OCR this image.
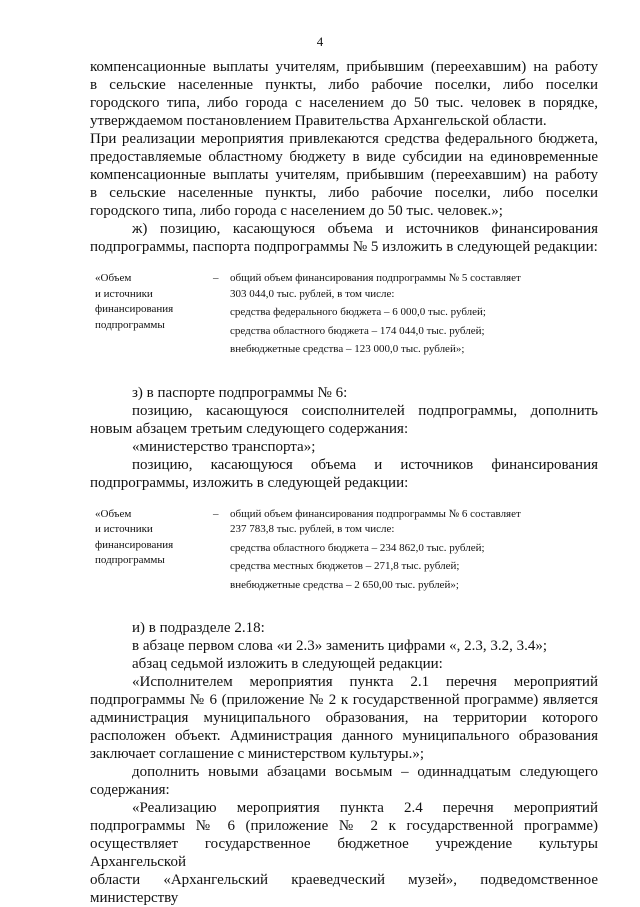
4

компенсационные выплаты учителям, прибывшим (переехавшим) на работу

в сельские населенные пункты, либо рабочие поселки, либо поселки

городского типа, либо города с населением до 50 тыс. человек в порядке,

утверждаемом постановлением Правительства Архангельской области.

При реализации мероприятия привлекаются средства федерального бюджета,

предоставляемые областному бюджету в виде субсидии на единовременные

компенсационные выплаты учителям, прибывшим (переехавшим) на работу

в сельские населенные пункты, либо рабочие поселки, либо поселки

городского типа, либо города с населением до 50 тыс. человек.»;

ж) позицию, касающуюся объема и источников финансирования

подпрограммы, паспорта подпрограммы № 5 изложить в следующей редакции:

«Объем
и источники
финансирования
подпрограммы
–	общий объем финансирования подпрограммы № 5 составляет
303 044,0 тыс. рублей, в том числе:
средства федерального бюджета – 6 000,0 тыс. рублей;
средства областного бюджета – 174 044,0 тыс. рублей;
внебюджетные средства – 123 000,0 тыс. рублей»;

з) в паспорте подпрограммы № 6:

позицию, касающуюся соисполнителей подпрограммы, дополнить

новым абзацем третьим следующего содержания:

«министерство транспорта»;

позицию, касающуюся объема и источников финансирования

подпрограммы, изложить в следующей редакции:

«Объем
и источники
финансирования
подпрограммы
–	общий объем финансирования подпрограммы № 6 составляет
237 783,8 тыс. рублей, в том числе:
средства областного бюджета – 234 862,0 тыс. рублей;
средства местных бюджетов – 271,8 тыс. рублей;
внебюджетные средства – 2 650,00 тыс. рублей»;

и) в подразделе 2.18:

в абзаце первом слова «и 2.3» заменить цифрами «, 2.3, 3.2, 3.4»;

абзац седьмой изложить в следующей редакции:

«Исполнителем мероприятия пункта 2.1 перечня мероприятий

подпрограммы № 6 (приложение № 2 к государственной программе) является

администрация муниципального образования, на территории которого

расположен объект. Администрация данного муниципального образования

заключает соглашение с министерством культуры.»;

дополнить новыми абзацами восьмым – одиннадцатым следующего

содержания:

«Реализацию мероприятия пункта 2.4 перечня мероприятий

подпрограммы № 6 (приложение № 2 к государственной программе)

осуществляет государственное бюджетное учреждение культуры Архангельской

области «Архангельский краеведческий музей», подведомственное министерству
